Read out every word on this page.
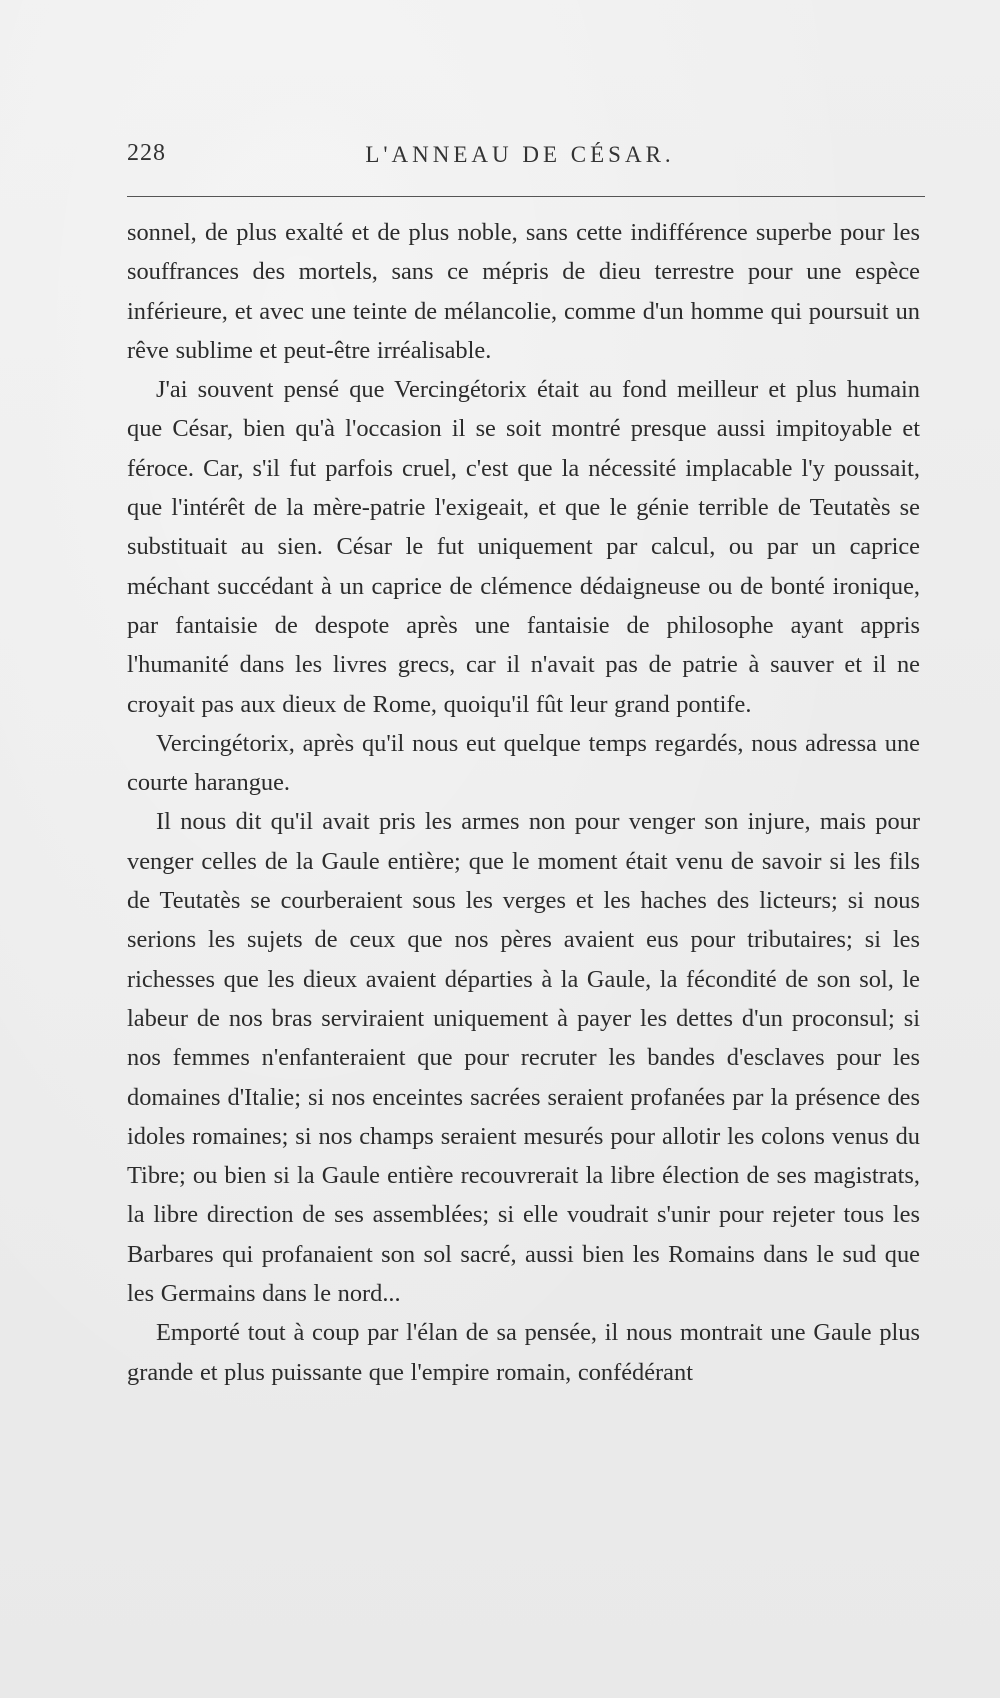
228	L'ANNEAU DE CÉSAR.

sonnel, de plus exalté et de plus noble, sans cette indifférence superbe pour les souffrances des mortels, sans ce mépris de dieu terrestre pour une espèce inférieure, et avec une teinte de mélancolie, comme d'un homme qui poursuit un rêve sublime et peut-être irréalisable.

J'ai souvent pensé que Vercingétorix était au fond meilleur et plus humain que César, bien qu'à l'occasion il se soit montré presque aussi impitoyable et féroce. Car, s'il fut parfois cruel, c'est que la nécessité implacable l'y poussait, que l'intérêt de la mère-patrie l'exigeait, et que le génie terrible de Teutatès se substituait au sien. César le fut uniquement par calcul, ou par un caprice méchant succédant à un caprice de clémence dédaigneuse ou de bonté ironique, par fantaisie de despote après une fantaisie de philosophe ayant appris l'humanité dans les livres grecs, car il n'avait pas de patrie à sauver et il ne croyait pas aux dieux de Rome, quoiqu'il fût leur grand pontife.

Vercingétorix, après qu'il nous eut quelque temps regardés, nous adressa une courte harangue.

Il nous dit qu'il avait pris les armes non pour venger son injure, mais pour venger celles de la Gaule entière; que le moment était venu de savoir si les fils de Teutatès se courberaient sous les verges et les haches des licteurs; si nous serions les sujets de ceux que nos pères avaient eus pour tributaires; si les richesses que les dieux avaient départies à la Gaule, la fécondité de son sol, le labeur de nos bras serviraient uniquement à payer les dettes d'un proconsul; si nos femmes n'enfanteraient que pour recruter les bandes d'esclaves pour les domaines d'Italie; si nos enceintes sacrées seraient profanées par la présence des idoles romaines; si nos champs seraient mesurés pour allotir les colons venus du Tibre; ou bien si la Gaule entière recouvrerait la libre élection de ses magistrats, la libre direction de ses assemblées; si elle voudrait s'unir pour rejeter tous les Barbares qui profanaient son sol sacré, aussi bien les Romains dans le sud que les Germains dans le nord...

Emporté tout à coup par l'élan de sa pensée, il nous montrait une Gaule plus grande et plus puissante que l'empire romain, confédérant
